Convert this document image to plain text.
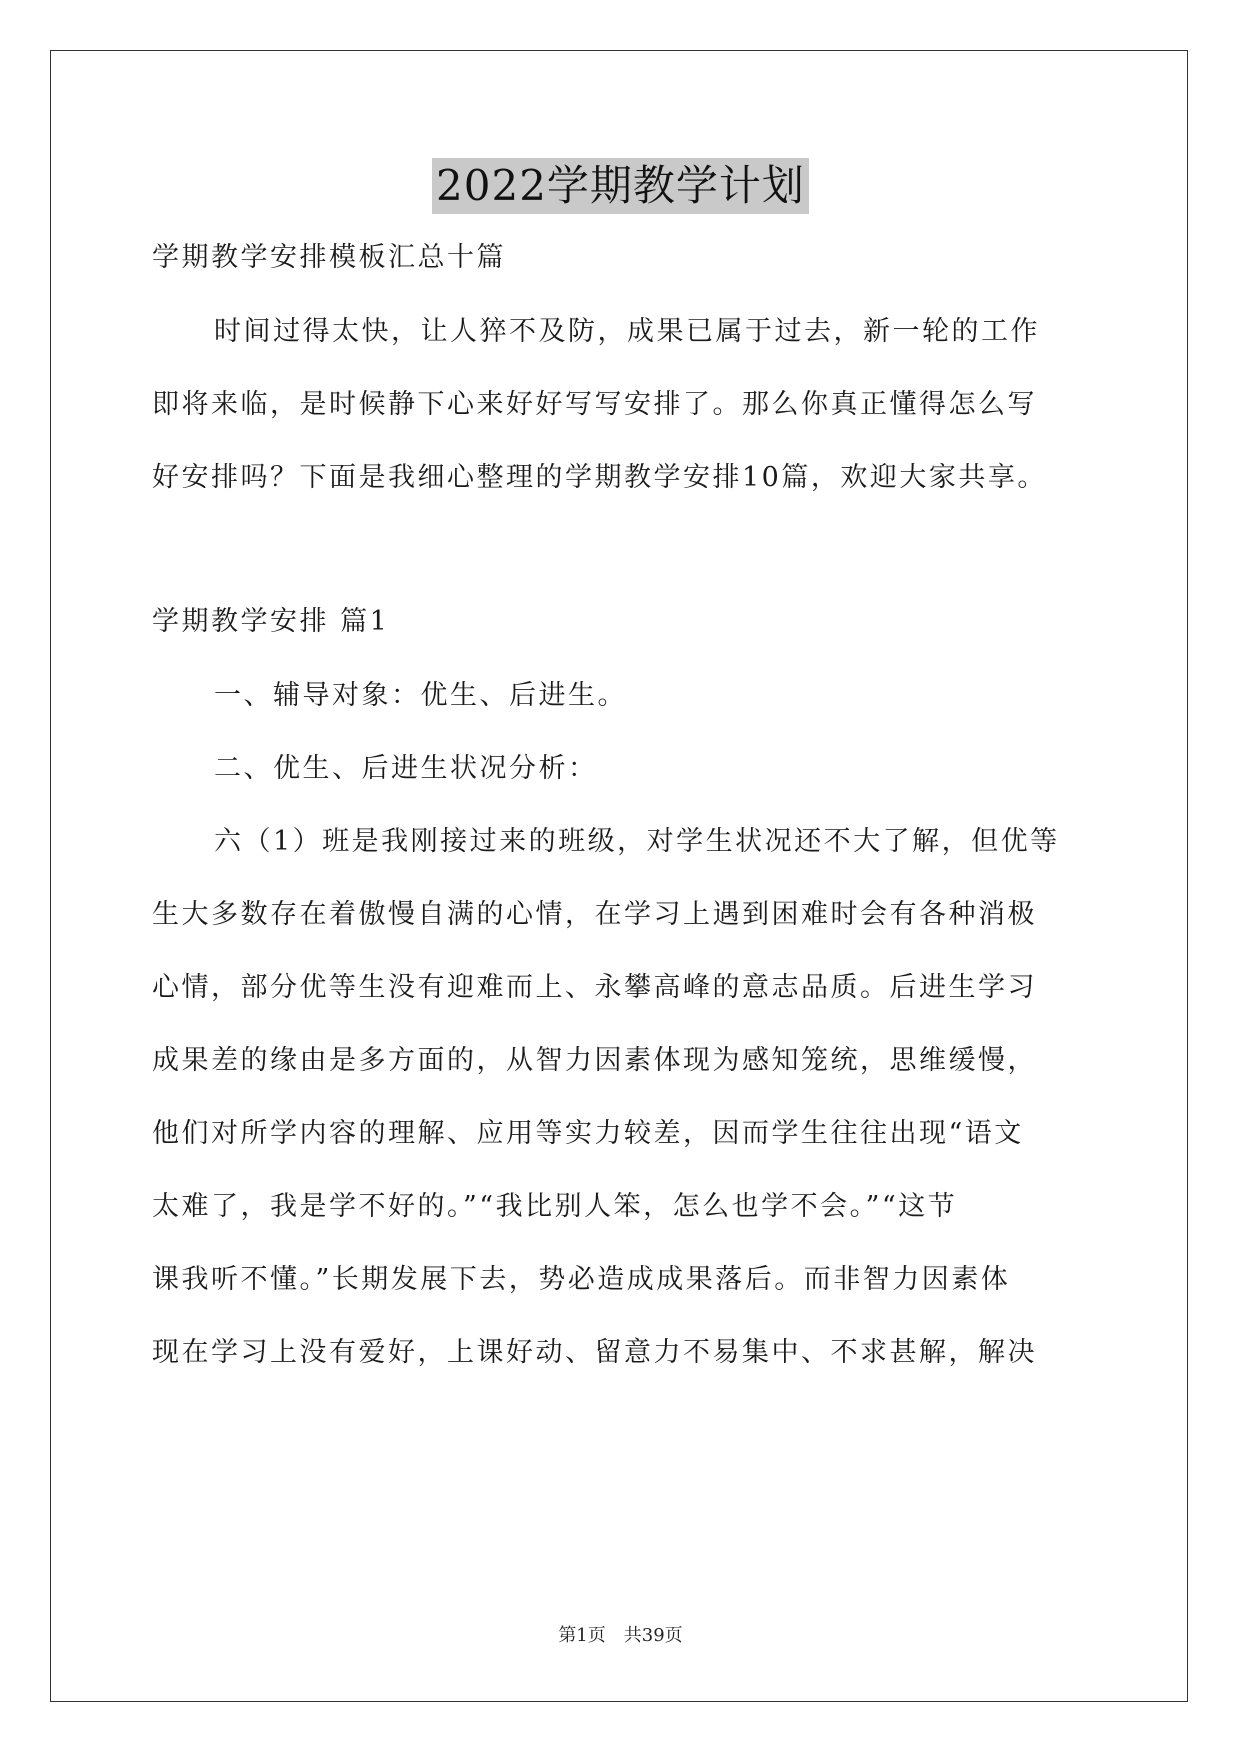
2022学期教学计划
学期教学安排模板汇总十篇
时间过得太快，让人猝不及防，成果已属于过去，新一轮的工作
即将来临，是时候静下心来好好写写安排了。那么你真正懂得怎么写
好安排吗？下面是我细心整理的学期教学安排10篇，欢迎大家共享。
学期教学安排 篇1
一、辅导对象：优生、后进生。
二、优生、后进生状况分析：
六（1）班是我刚接过来的班级，对学生状况还不大了解，但优等
生大多数存在着傲慢自满的心情，在学习上遇到困难时会有各种消极
心情，部分优等生没有迎难而上、永攀高峰的意志品质。后进生学习
成果差的缘由是多方面的，从智力因素体现为感知笼统，思维缓慢，
他们对所学内容的理解、应用等实力较差，因而学生往往出现“语文
太难了，我是学不好的。”“我比别人笨，怎么也学不会。”“这节
课我听不懂。”长期发展下去，势必造成成果落后。而非智力因素体
现在学习上没有爱好，上课好动、留意力不易集中、不求甚解，解决
第1页 共39页
